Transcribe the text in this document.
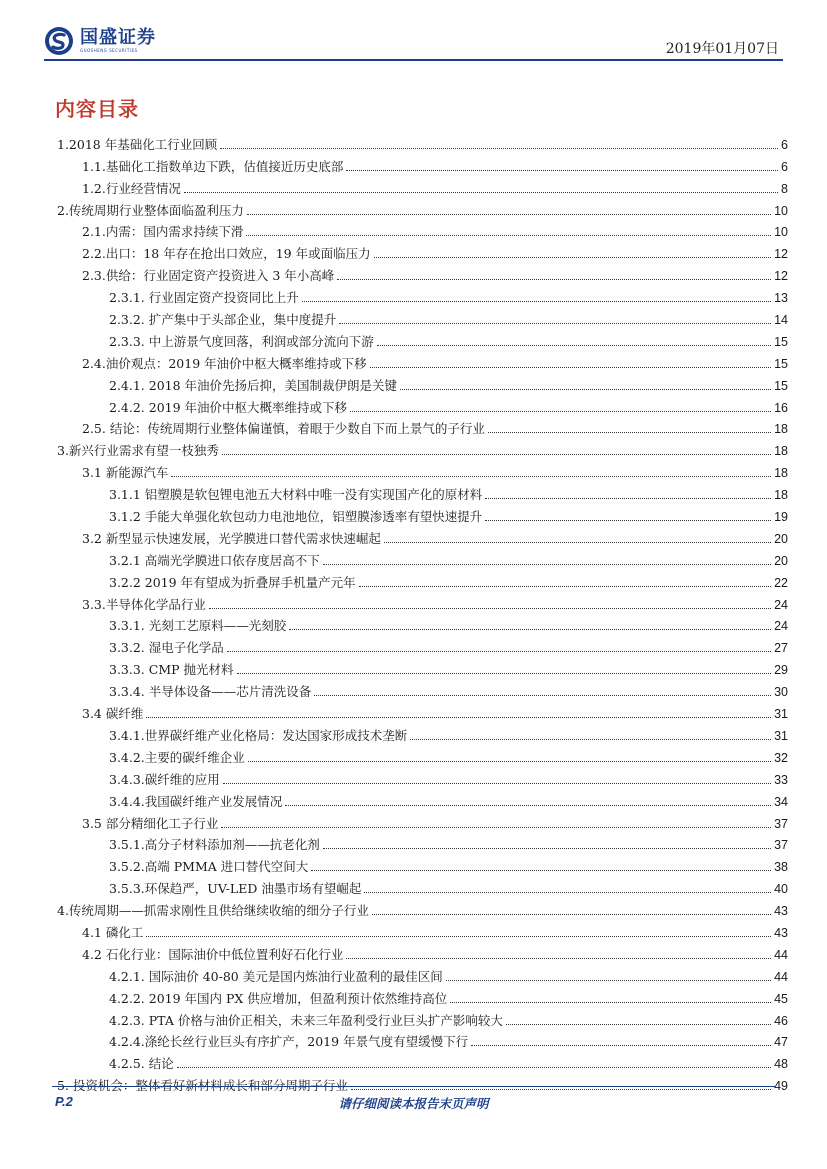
国盛证券
GUOSHENG SECURITIES	2019年01月07日
内容目录
1.2018 年基础化工行业回顾	6
1.1.基础化工指数单边下跌，估值接近历史底部	6
1.2.行业经营情况	8
2.传统周期行业整体面临盈利压力	10
2.1.内需：国内需求持续下滑	10
2.2.出口：18 年存在抢出口效应，19 年或面临压力	12
2.3.供给：行业固定资产投资进入 3 年小高峰	12
2.3.1. 行业固定资产投资同比上升	13
2.3.2. 扩产集中于头部企业，集中度提升	14
2.3.3. 中上游景气度回落，利润或部分流向下游	15
2.4.油价观点：2019 年油价中枢大概率维持或下移	15
2.4.1. 2018 年油价先扬后抑，美国制裁伊朗是关键	15
2.4.2. 2019 年油价中枢大概率维持或下移	16
2.5. 结论：传统周期行业整体偏谨慎，着眼于少数自下而上景气的子行业	18
3.新兴行业需求有望一枝独秀	18
3.1 新能源汽车	18
3.1.1 铝塑膜是软包锂电池五大材料中唯一没有实现国产化的原材料	18
3.1.2 手能大单强化软包动力电池地位，铝塑膜渗透率有望快速提升	19
3.2 新型显示快速发展，光学膜进口替代需求快速崛起	20
3.2.1 高端光学膜进口依存度居高不下	20
3.2.2 2019 年有望成为折叠屏手机量产元年	22
3.3.半导体化学品行业	24
3.3.1. 光刻工艺原料——光刻胶	24
3.3.2. 湿电子化学品	27
3.3.3. CMP 抛光材料	29
3.3.4. 半导体设备——芯片清洗设备	30
3.4 碳纤维	31
3.4.1.世界碳纤维产业化格局：发达国家形成技术垄断	31
3.4.2.主要的碳纤维企业	32
3.4.3.碳纤维的应用	33
3.4.4.我国碳纤维产业发展情况	34
3.5 部分精细化工子行业	37
3.5.1.高分子材料添加剂——抗老化剂	37
3.5.2.高端 PMMA 进口替代空间大	38
3.5.3.环保趋严，UV-LED 油墨市场有望崛起	40
4.传统周期——抓需求刚性且供给继续收缩的细分子行业	43
4.1 磷化工	43
4.2 石化行业：国际油价中低位置利好石化行业	44
4.2.1. 国际油价 40-80 美元是国内炼油行业盈利的最佳区间	44
4.2.2. 2019 年国内 PX 供应增加，但盈利预计依然维持高位	45
4.2.3. PTA 价格与油价正相关，未来三年盈利受行业巨头扩产影响较大	46
4.2.4.涤纶长丝行业巨头有序扩产，2019 年景气度有望缓慢下行	47
4.2.5. 结论	48
5. 投资机会：整体看好新材料成长和部分周期子行业	49
P.2	请仔细阅读本报告末页声明
